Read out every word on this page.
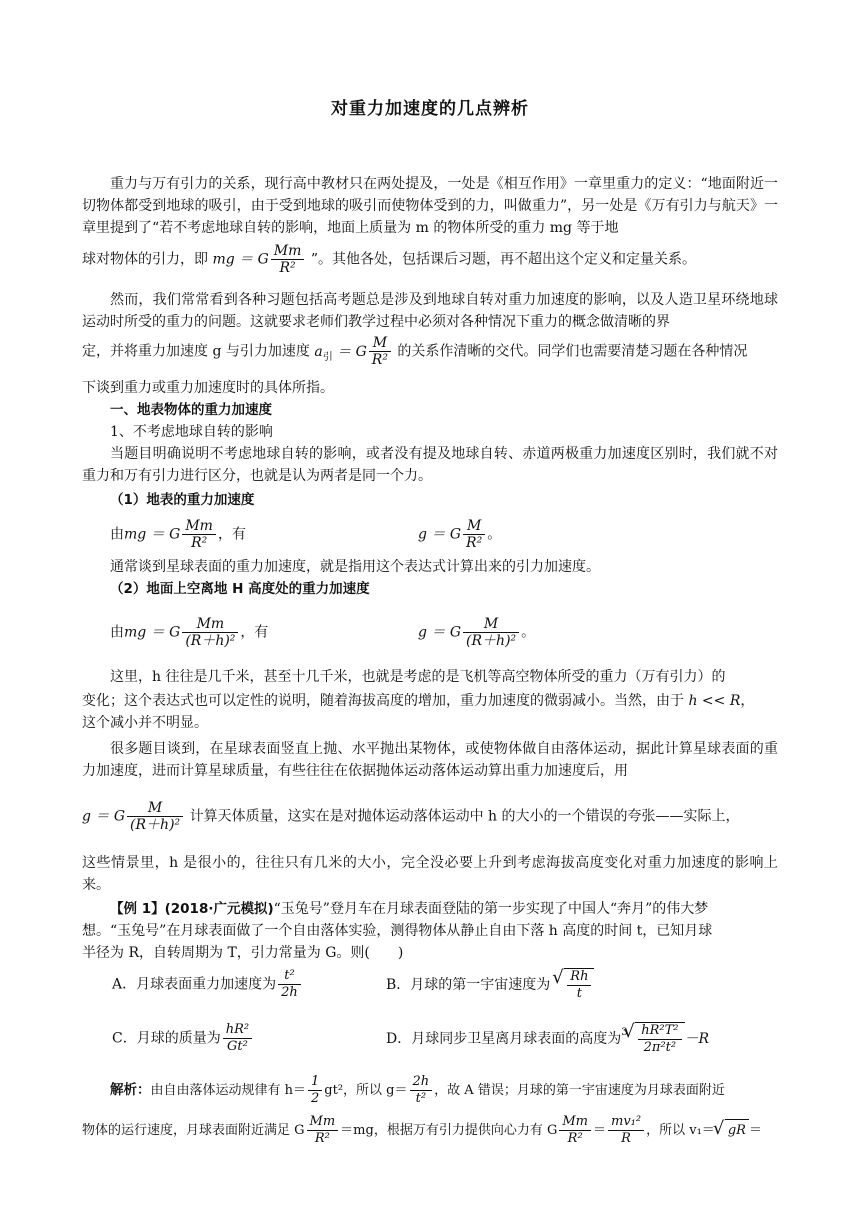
对重力加速度的几点辨析
重力与万有引力的关系，现行高中教材只在两处提及，一处是《相互作用》一章里重力的定义：“地面附近一切物体都受到地球的吸引，由于受到地球的吸引而使物体受到的力，叫做重力”，另一处是《万有引力与航天》一章里提到了“若不考虑地球自转的影响，地面上质量为 m 的物体所受的重力 mg 等于地
球对物体的引力，即 mg ＝ G $\frac{Mm}{\text{R²}}$ ”。其他各处，包括课后习题，再不超出这个定义和定量关系。
然而，我们常常看到各种习题包括高考题总是涉及到地球自转对重力加速度的影响，以及人造卫星环绕地球运动时所受的重力的问题。这就要求老师们教学过程中必须对各种情况下重力的概念做清晰的界
定，并将重力加速度 g 与引力加速度 $a_引 = G \frac{M}{\text{R²}}$ 的关系作清晰的交代。同学们也需要清楚习题在各种情况
下谈到重力或重力加速度时的具体所指。
一、地表物体的重力加速度
1、不考虑地球自转的影响
当题目明确说明不考虑地球自转的影响，或者没有提及地球自转、赤道两极重力加速度区别时，我们就不对重力和万有引力进行区分，也就是认为两者是同一个力。
（1）地表的重力加速度
由mg ＝ G $\frac{Mm}{\text{R²}}$ ，有	g ＝ G $\frac{M}{\text{R²}}$ 。
通常谈到星球表面的重力加速度，就是指用这个表达式计算出来的引力加速度。
（2）地面上空离地 H 高度处的重力加速度
由mg ＝ G $\frac{Mm}{\text{(R＋h)²}}$ ，有	g ＝ G $\frac{M}{\text{(R＋h)²}}$ 。
这里，h 往往是几千米，甚至十几千米，也就是考虑的是飞机等高空物体所受的重力（万有引力）的
变化；这个表达式也可以定性的说明，随着海拔高度的增加，重力加速度的微弱减小。当然，由于 h << R，
这个减小并不明显。
很多题目谈到，在星球表面竖直上抛、水平抛出某物体，或使物体做自由落体运动，据此计算星球表面的重力加速度，进而计算星球质量，有些往往在依据抛体运动落体运动算出重力加速度后，用
g ＝ G $\frac{M}{\text{(R＋h)²}}$ 计算天体质量，这实在是对抛体运动落体运动中 h 的大小的一个错误的夸张——实际上，
这些情景里，h 是很小的，往往只有几米的大小，完全没必要上升到考虑海拔高度变化对重力加速度的影响上来。
【例 1】(2018·广元模拟)“玉兔号”登月车在月球表面登陆的第一步实现了中国人“奔月”的伟大梦
想。“玉兔号”在月球表面做了一个自由落体实验，测得物体从静止自由下落 h 高度的时间 t，已知月球
半径为 R，自转周期为 T，引力常量为 G。则(　　)
A．月球表面重力加速度为 $\frac{\text{t²}}{2h}$	B．月球的第一宇宙速度为 √ $\frac{Rh}{t}$
C．月球的质量为 $\frac{\text{hR²}}{\text{Gt²}}$	D．月球同步卫星离月球表面的高度为3 √ $\frac{\text{hR²T²}}{\text{2π²t²}} -R$
解析：由自由落体运动规律有 $h= \frac{1}{2} gt^2$，所以 $g= \frac{2h}{\text{t²}}$ ，故 A 错误；月球的第一宇宙速度为月球表面附近
物体的运行速度，月球表面附近满足 G $\frac{Mm}{\text{R²}} =mg$，根据万有引力提供向心力有 G $\frac{Mm}{\text{R²}} = \frac{\text{mv₁²}}{R}$ ，所以 v₁＝ √ gR ＝
